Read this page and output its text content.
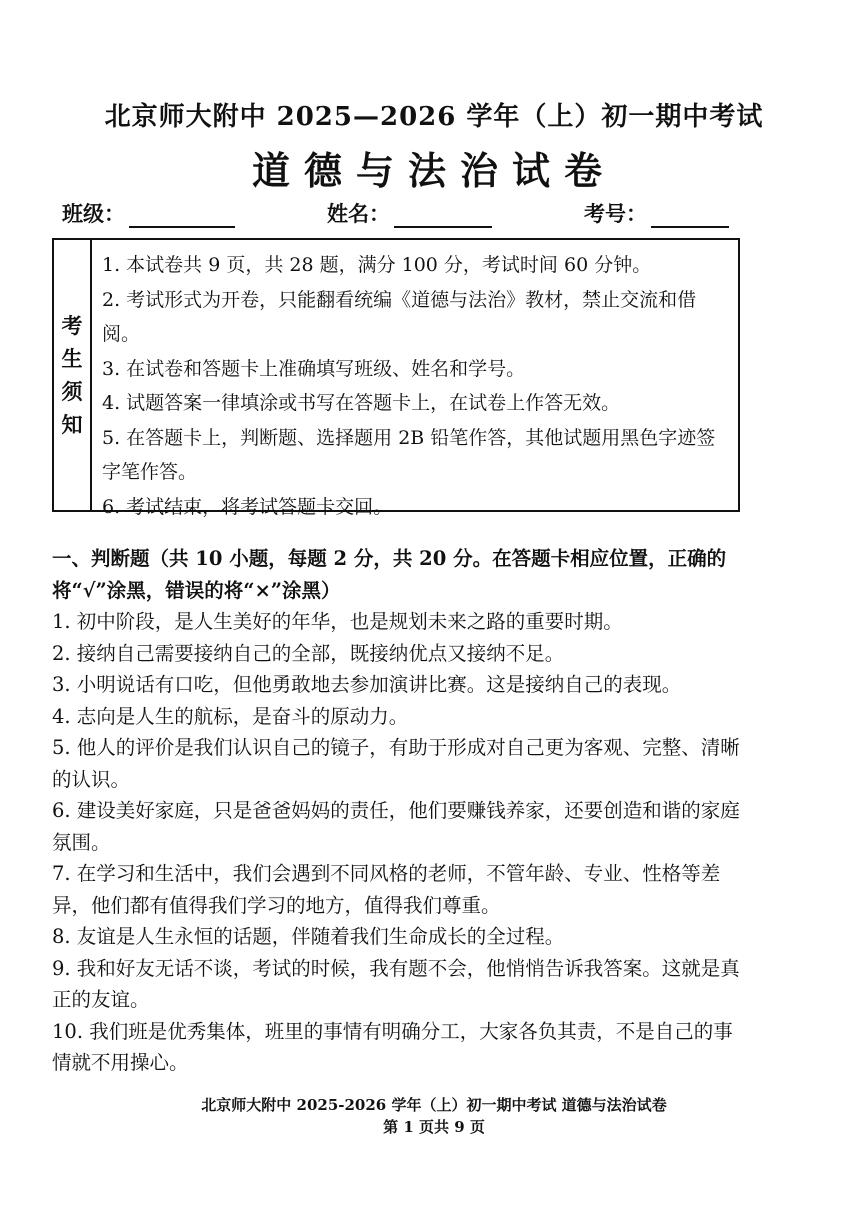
北京师大附中 2025—2026 学年（上）初一期中考试
道德与法治试卷
班级：	姓名：	考号：
考
生
须
知

1. 本试卷共 9 页，共 28 题，满分 100 分，考试时间 60 分钟。

2. 考试形式为开卷，只能翻看统编《道德与法治》教材，禁止交流和借阅。

3. 在试卷和答题卡上准确填写班级、姓名和学号。

4. 试题答案一律填涂或书写在答题卡上，在试卷上作答无效。

5. 在答题卡上，判断题、选择题用 2B 铅笔作答，其他试题用黑色字迹签字笔作答。

6. 考试结束，将考试答题卡交回。

一、判断题（共 10 小题，每题 2 分，共 20 分。在答题卡相应位置，正确的将“√”涂黑，错误的将“×”涂黑）

1. 初中阶段，是人生美好的年华，也是规划未来之路的重要时期。

2. 接纳自己需要接纳自己的全部，既接纳优点又接纳不足。

3. 小明说话有口吃，但他勇敢地去参加演讲比赛。这是接纳自己的表现。

4. 志向是人生的航标，是奋斗的原动力。

5. 他人的评价是我们认识自己的镜子，有助于形成对自己更为客观、完整、清晰的认识。

6. 建设美好家庭，只是爸爸妈妈的责任，他们要赚钱养家，还要创造和谐的家庭氛围。

7. 在学习和生活中，我们会遇到不同风格的老师，不管年龄、专业、性格等差异，他们都有值得我们学习的地方，值得我们尊重。

8. 友谊是人生永恒的话题，伴随着我们生命成长的全过程。

9. 我和好友无话不谈，考试的时候，我有题不会，他悄悄告诉我答案。这就是真正的友谊。

10. 我们班是优秀集体，班里的事情有明确分工，大家各负其责，不是自己的事情就不用操心。

北京师大附中 2025-2026 学年（上）初一期中考试 道德与法治试卷
第 1 页共 9 页
